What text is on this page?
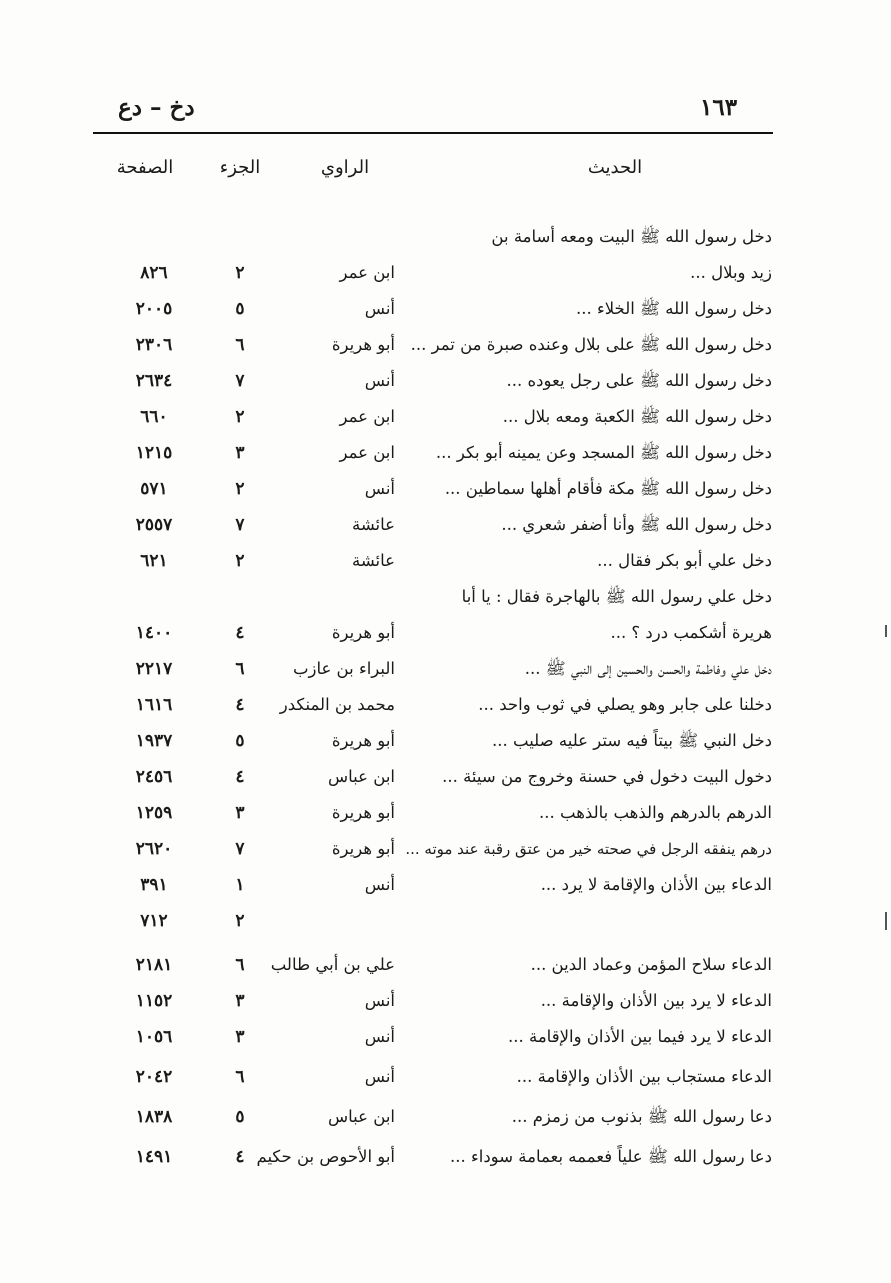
دخ – دع	١٦٣
الحديث
الراوي
الجزء
الصفحة
دخل رسول الله ﷺ البيت ومعه أسامة بن
زيد وبلال ...
ابن عمر
٢
٨٢٦
دخل رسول الله ﷺ الخلاء ...
أنس
٥
٢٠٠٥
دخل رسول الله ﷺ على بلال وعنده صبرة من تمر ...
أبو هريرة
٦
٢٣٠٦
دخل رسول الله ﷺ على رجل يعوده ...
أنس
٧
٢٦٣٤
دخل رسول الله ﷺ الكعبة ومعه بلال ...
ابن عمر
٢
٦٦٠
دخل رسول الله ﷺ المسجد وعن يمينه أبو بكر ...
ابن عمر
٣
١٢١٥
دخل رسول الله ﷺ مكة فأقام أهلها سماطين ...
أنس
٢
٥٧١
دخل رسول الله ﷺ وأنا أضفر شعري ...
عائشة
٧
٢٥٥٧
دخل علي أبو بكر فقال ...
عائشة
٢
٦٢١
دخل علي رسول الله ﷺ بالهاجرة فقال : يا أبا
هريرة أشكمب درد ؟ ...
أبو هريرة
٤
١٤٠٠
دخل علي وفاطمة والحسن والحسين إلى النبي ﷺ ...
البراء بن عازب
٦
٢٢١٧
دخلنا على جابر وهو يصلي في ثوب واحد ...
محمد بن المنكدر
٤
١٦١٦
دخل النبي ﷺ بيتاً فيه ستر عليه صليب ...
أبو هريرة
٥
١٩٣٧
دخول البيت دخول في حسنة وخروج من سيئة ...
ابن عباس
٤
٢٤٥٦
الدرهم بالدرهم والذهب بالذهب ...
أبو هريرة
٣
١٢٥٩
درهم ينفقه الرجل في صحته خير من عتق رقبة عند موته ...
أبو هريرة
٧
٢٦٢٠
الدعاء بين الأذان والإقامة لا يرد ...
أنس
١
٣٩١
٢
٧١٢
الدعاء سلاح المؤمن وعماد الدين ...
علي بن أبي طالب
٦
٢١٨١
الدعاء لا يرد بين الأذان والإقامة ...
أنس
٣
١١٥٢
الدعاء لا يرد فيما بين الأذان والإقامة ...
أنس
٣
١٠٥٦
الدعاء مستجاب بين الأذان والإقامة ...
أنس
٦
٢٠٤٢
دعا رسول الله ﷺ بذنوب من زمزم ...
ابن عباس
٥
١٨٣٨
دعا رسول الله ﷺ علياً فعممه بعمامة سوداء ...
أبو الأحوص بن حكيم
٤
١٤٩١
